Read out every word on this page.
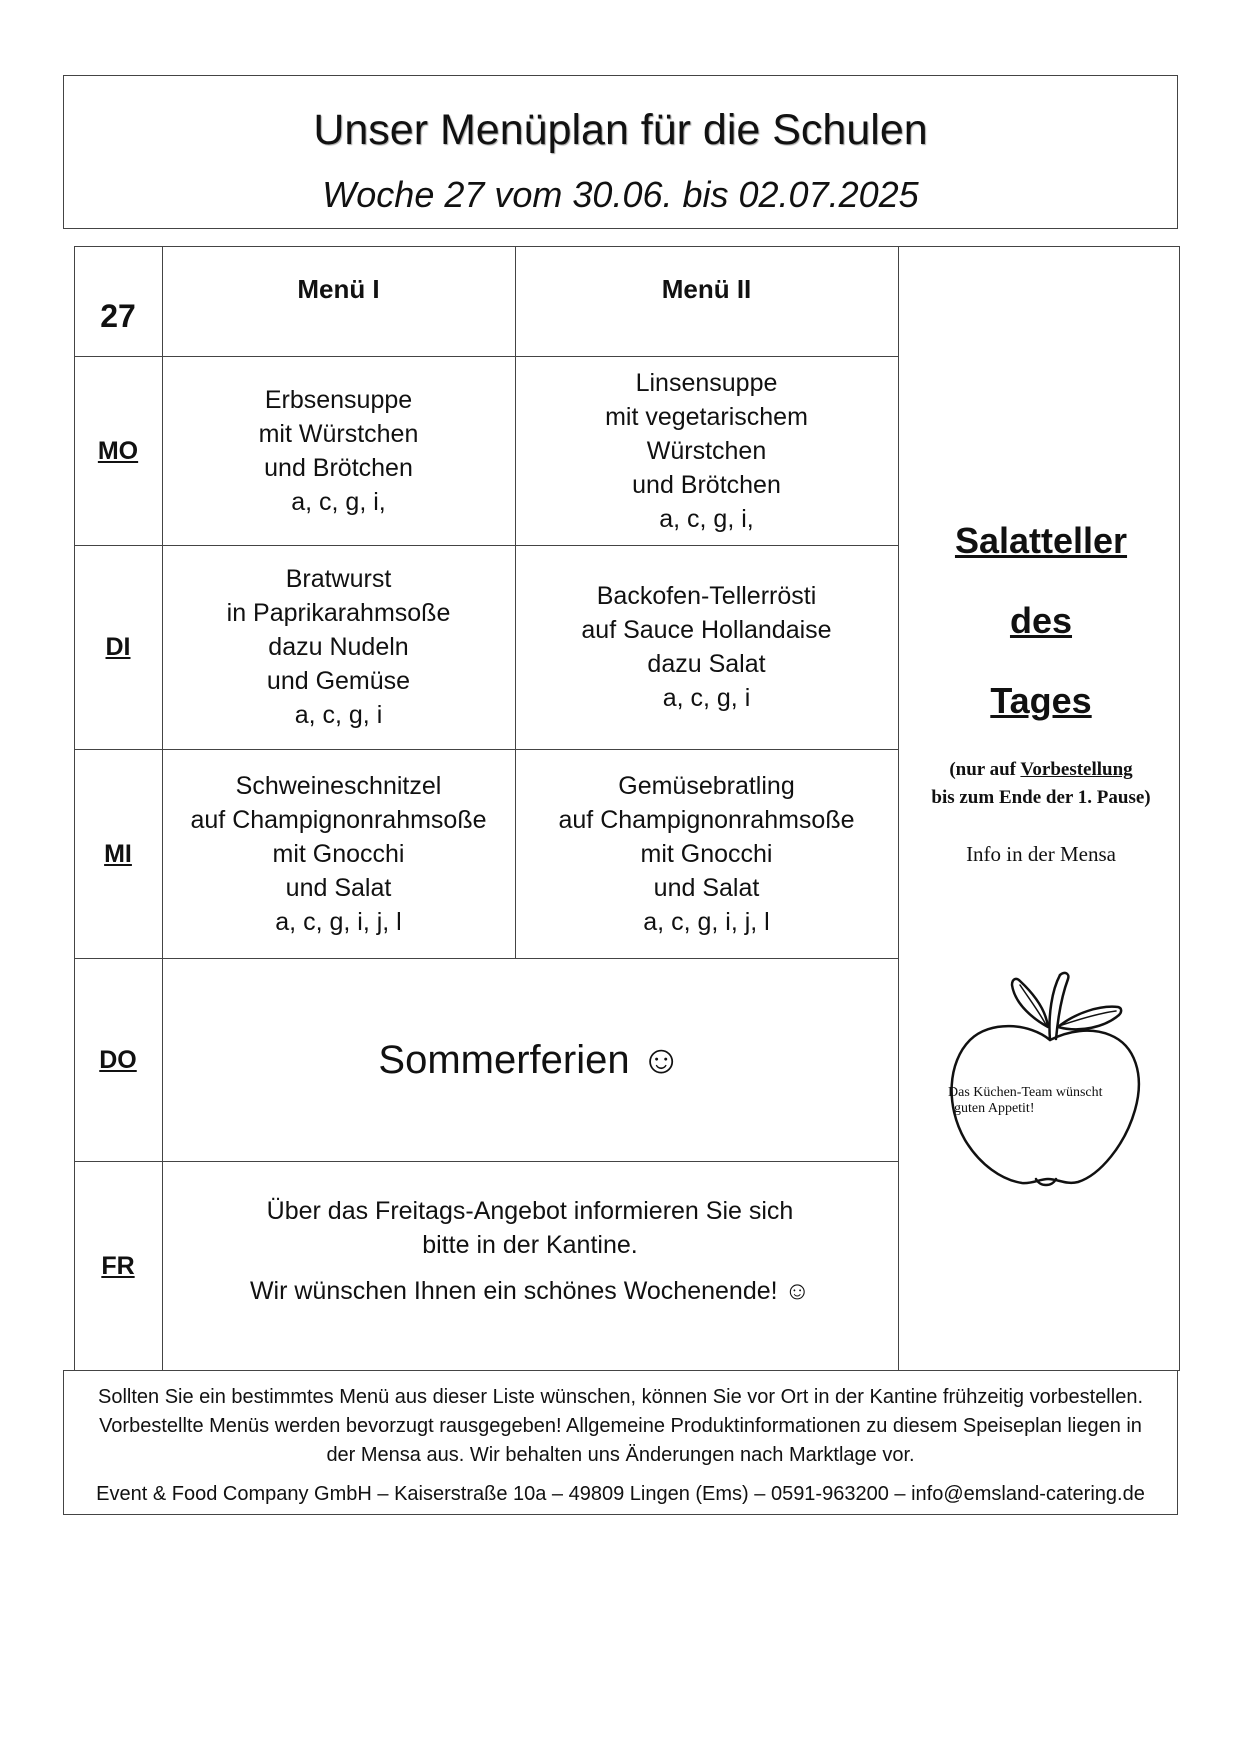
Unser Menüplan für die Schulen
Woche 27 vom 30.06. bis 02.07.2025
27
Menü I	Menü II
MO
DI
MI
DO
FR
Erbsensuppe
mit Würstchen
und Brötchen
a, c, g, i,
Linsensuppe
mit vegetarischem
Würstchen
und Brötchen
a, c, g, i,
Bratwurst
in Paprikarahmsoße
dazu Nudeln
und Gemüse
a, c, g, i
Backofen-Tellerrösti
auf Sauce Hollandaise
dazu Salat
a, c, g, i
Schweineschnitzel
auf Champignonrahmsoße
mit Gnocchi
und Salat
a, c, g, i, j, l
Gemüsebratling
auf Champignonrahmsoße
mit Gnocchi
und Salat
a, c, g, i, j, l
Sommerferien ☺
Über das Freitags-Angebot informieren Sie sich
bitte in der Kantine.
Wir wünschen Ihnen ein schönes Wochenende! ☺
Salatteller
des
Tages
(nur auf Vorbestellung
bis zum Ende der 1. Pause)
Info in der Mensa
Das Küchen-Team wünscht
guten Appetit!
Sollten Sie ein bestimmtes Menü aus dieser Liste wünschen, können Sie vor Ort in der Kantine frühzeitig vorbestellen. Vorbestellte Menüs werden bevorzugt rausgegeben! Allgemeine Produktinformationen zu diesem Speiseplan liegen in der Mensa aus. Wir behalten uns Änderungen nach Marktlage vor.
Event & Food Company GmbH – Kaiserstraße 10a – 49809 Lingen (Ems) – 0591-963200 – info@emsland-catering.de
